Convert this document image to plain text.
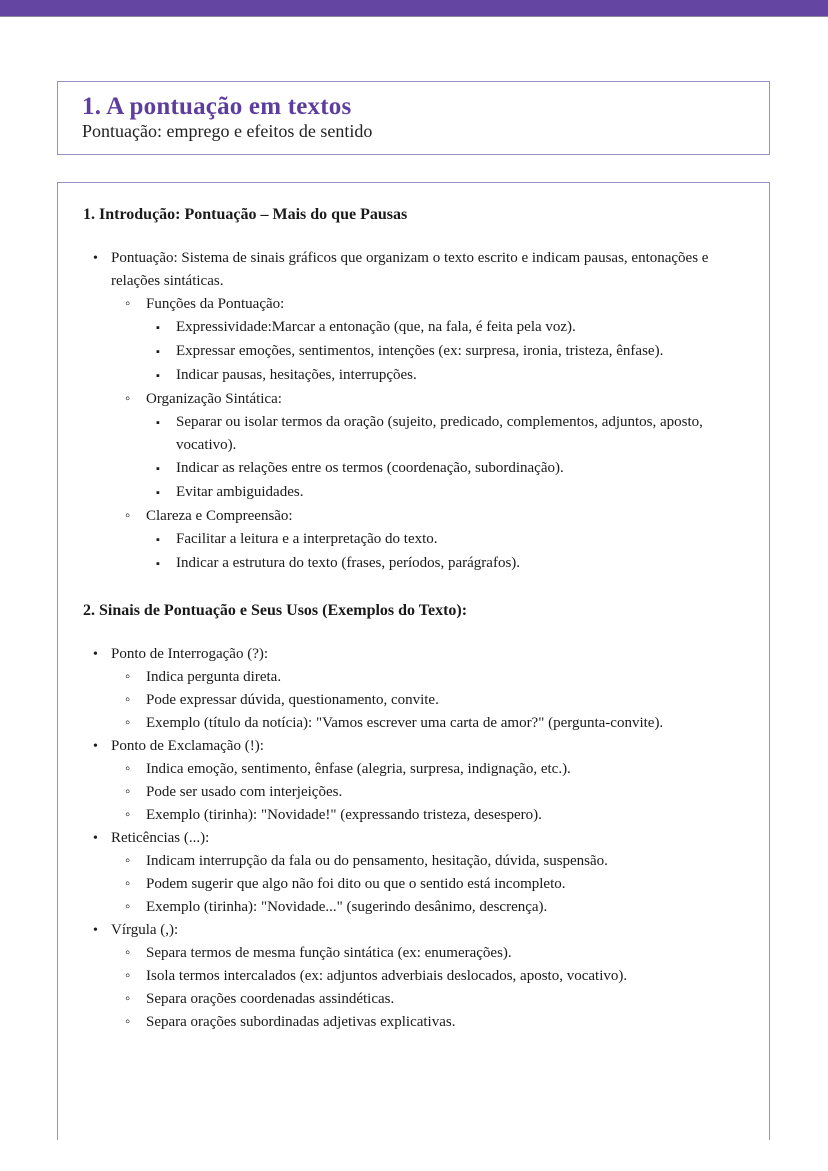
1. A pontuação em textos
Pontuação: emprego e efeitos de sentido
1. Introdução: Pontuação – Mais do que Pausas
• Pontuação: Sistema de sinais gráficos que organizam o texto escrito e indicam pausas, entonações e relações sintáticas.
◦	Funções da Pontuação:
▪	Expressividade:Marcar a entonação (que, na fala, é feita pela voz).
▪	Expressar emoções, sentimentos, intenções (ex: surpresa, ironia, tristeza, ênfase).
▪	Indicar pausas, hesitações, interrupções.
◦	Organização Sintática:
▪	Separar ou isolar termos da oração (sujeito, predicado, complementos, adjuntos, aposto, vocativo).
▪	Indicar as relações entre os termos (coordenação, subordinação).
▪	Evitar ambiguidades.
◦	Clareza e Compreensão:
▪	Facilitar a leitura e a interpretação do texto.
▪	Indicar a estrutura do texto (frases, períodos, parágrafos).
2. Sinais de Pontuação e Seus Usos (Exemplos do Texto):
• Ponto de Interrogação (?):
◦	Indica pergunta direta.
◦	Pode expressar dúvida, questionamento, convite.
◦	Exemplo (título da notícia): "Vamos escrever uma carta de amor?" (pergunta-convite).
• Ponto de Exclamação (!):
◦	Indica emoção, sentimento, ênfase (alegria, surpresa, indignação, etc.).
◦	Pode ser usado com interjeições.
◦	Exemplo (tirinha): "Novidade!" (expressando tristeza, desespero).
• Reticências (...):
◦	Indicam interrupção da fala ou do pensamento, hesitação, dúvida, suspensão.
◦	Podem sugerir que algo não foi dito ou que o sentido está incompleto.
◦	Exemplo (tirinha): "Novidade..." (sugerindo desânimo, descrença).
• Vírgula (,):
◦	Separa termos de mesma função sintática (ex: enumerações).
◦	Isola termos intercalados (ex: adjuntos adverbiais deslocados, aposto, vocativo).
◦	Separa orações coordenadas assindéticas.
◦	Separa orações subordinadas adjetivas explicativas.
